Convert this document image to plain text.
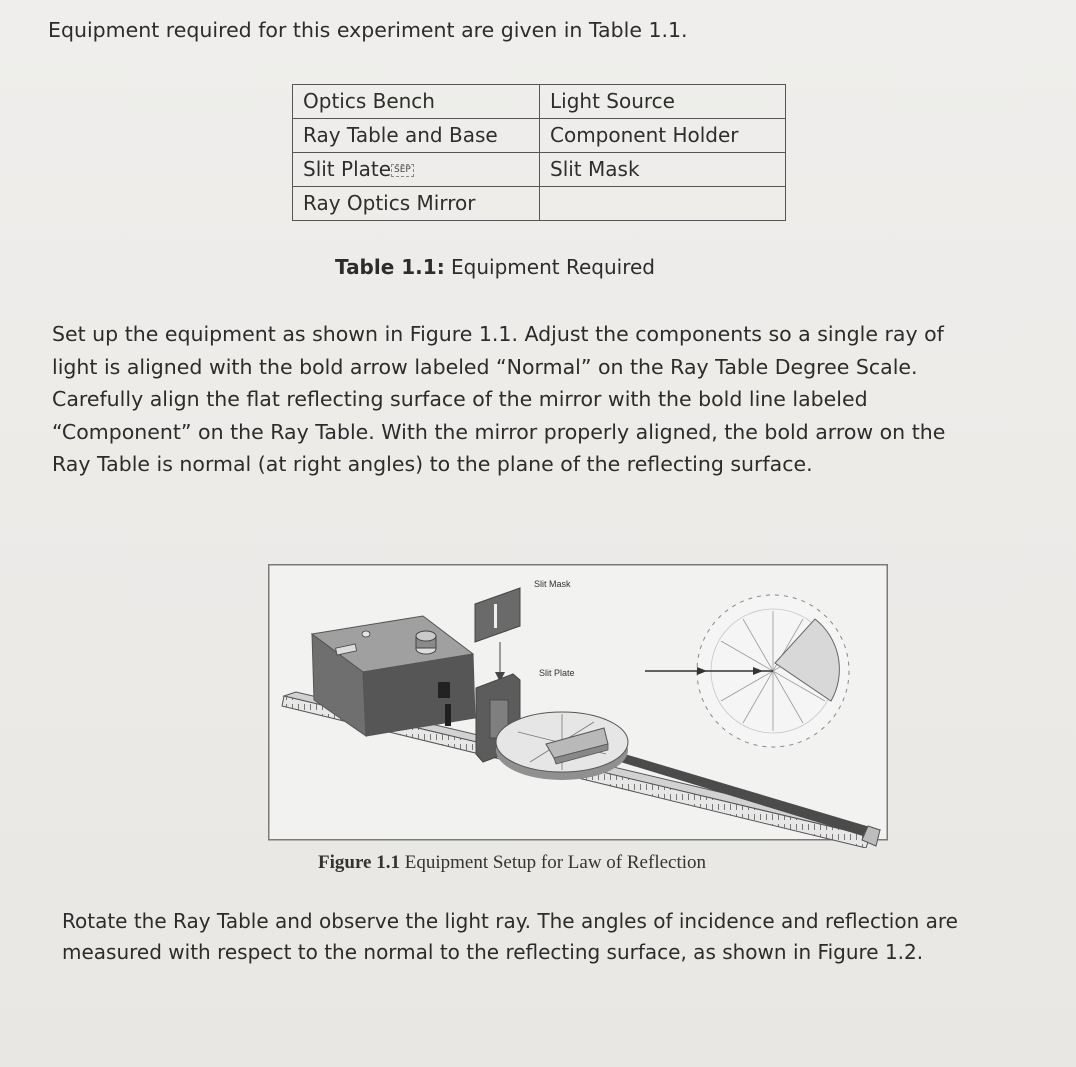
Equipment required for this experiment are given in Table 1.1.

Optics Bench	Light Source
Ray Table and Base	Component Holder
Slit Plate SEP	Slit Mask
Ray Optics Mirror	

Table 1.1: Equipment Required

Set up the equipment as shown in Figure 1.1. Adjust the components so a single ray of light is aligned with the bold arrow labeled “Normal” on the Ray Table Degree Scale. Carefully align the flat reflecting surface of the mirror with the bold line labeled “Component” on the Ray Table. With the mirror properly aligned, the bold arrow on the Ray Table is normal (at right angles) to the plane of the reflecting surface.

Slit Mask
Slit Plate

Figure 1.1 Equipment Setup for Law of Reflection

Rotate the Ray Table and observe the light ray. The angles of incidence and reflection are measured with respect to the normal to the reflecting surface, as shown in Figure 1.2.
